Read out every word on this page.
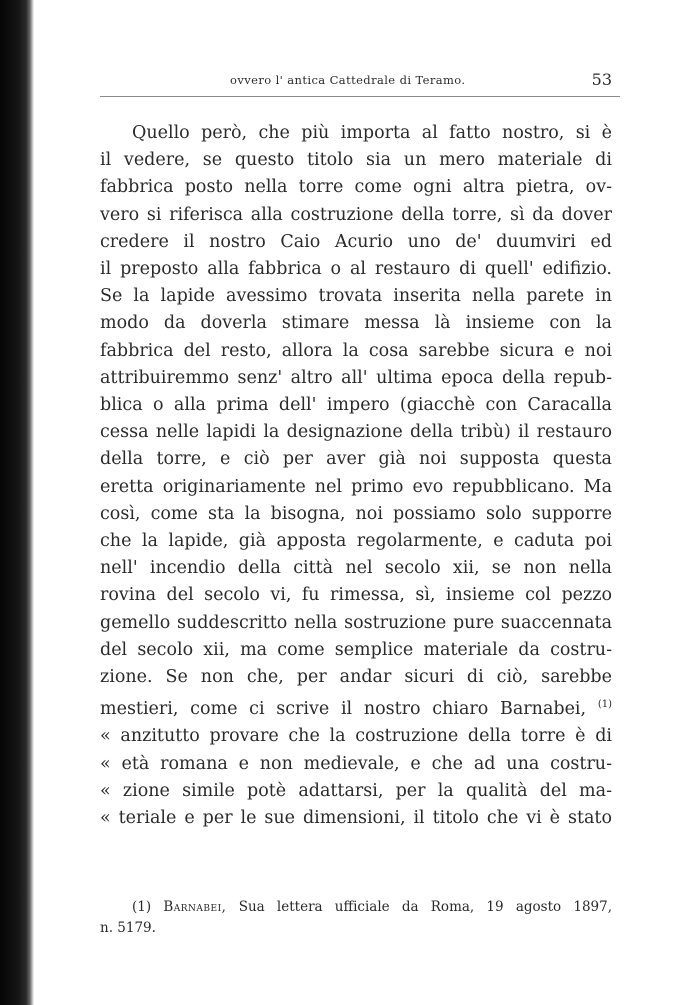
ovvero l' antica Cattedrale di Teramo.	53
Quello però, che più importa al fatto nostro, si è
il vedere, se questo titolo sia un mero materiale di
fabbrica posto nella torre come ogni altra pietra, ov-
vero si riferisca alla costruzione della torre, sì da dover
credere il nostro Caio Acurio uno de' duumviri ed
il preposto alla fabbrica o al restauro di quell' edifizio.
Se la lapide avessimo trovata inserita nella parete in
modo da doverla stimare messa là insieme con la
fabbrica del resto, allora la cosa sarebbe sicura e noi
attribuiremmo senz' altro all' ultima epoca della repub-
blica o alla prima dell' impero (giacchè con Caracalla
cessa nelle lapidi la designazione della tribù) il restauro
della torre, e ciò per aver già noi supposta questa
eretta originariamente nel primo evo repubblicano. Ma
così, come sta la bisogna, noi possiamo solo supporre
che la lapide, già apposta regolarmente, e caduta poi
nell' incendio della città nel secolo xii, se non nella
rovina del secolo vi, fu rimessa, sì, insieme col pezzo
gemello suddescritto nella sostruzione pure suaccennata
del secolo xii, ma come semplice materiale da costru-
zione. Se non che, per andar sicuri di ciò, sarebbe
mestieri, come ci scrive il nostro chiaro Barnabei, $^{(1)}$
« anzitutto provare che la costruzione della torre è di
« età romana e non medievale, e che ad una costru-
« zione simile potè adattarsi, per la qualità del ma-
« teriale e per le sue dimensioni, il titolo che vi è stato
(1) Barnabei, Sua lettera ufficiale da Roma, 19 agosto 1897,
n. 5179.
